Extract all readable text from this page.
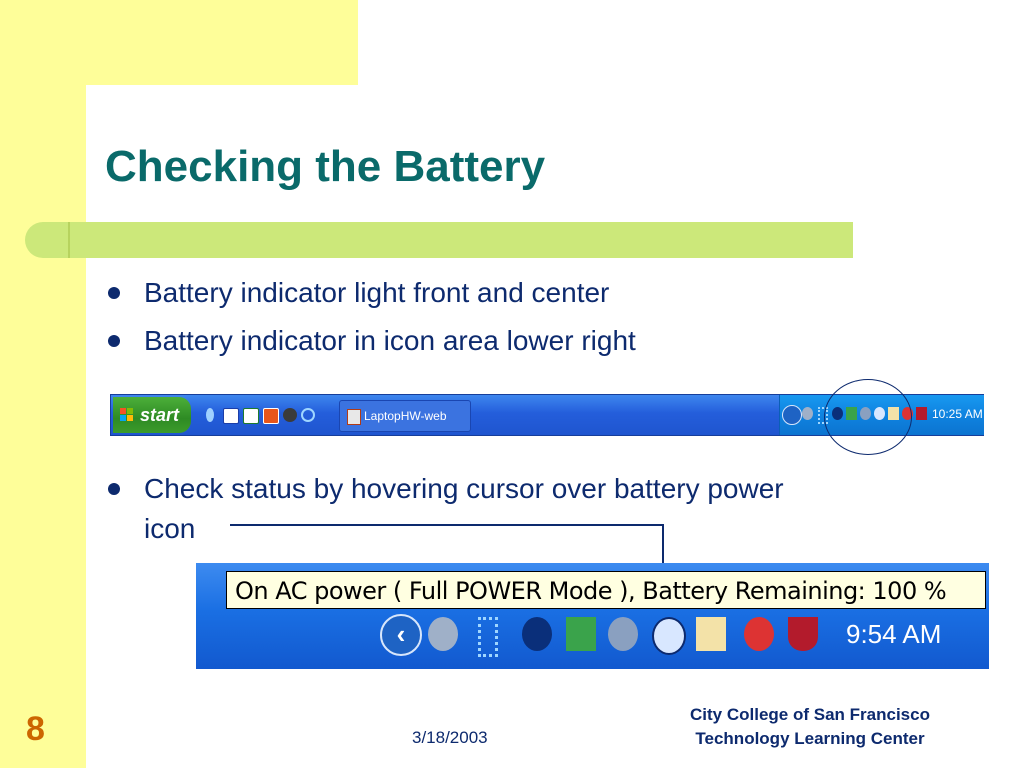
Checking the Battery
Battery indicator light front and center
Battery indicator in icon area lower right
start	LaptopHW-web	10:25 AM
Check status by hovering cursor over battery power
icon
On AC power ( Full POWER Mode ), Battery Remaining: 100 %
‹	9:54 AM
8	3/18/2003
City College of San Francisco
Technology Learning Center
